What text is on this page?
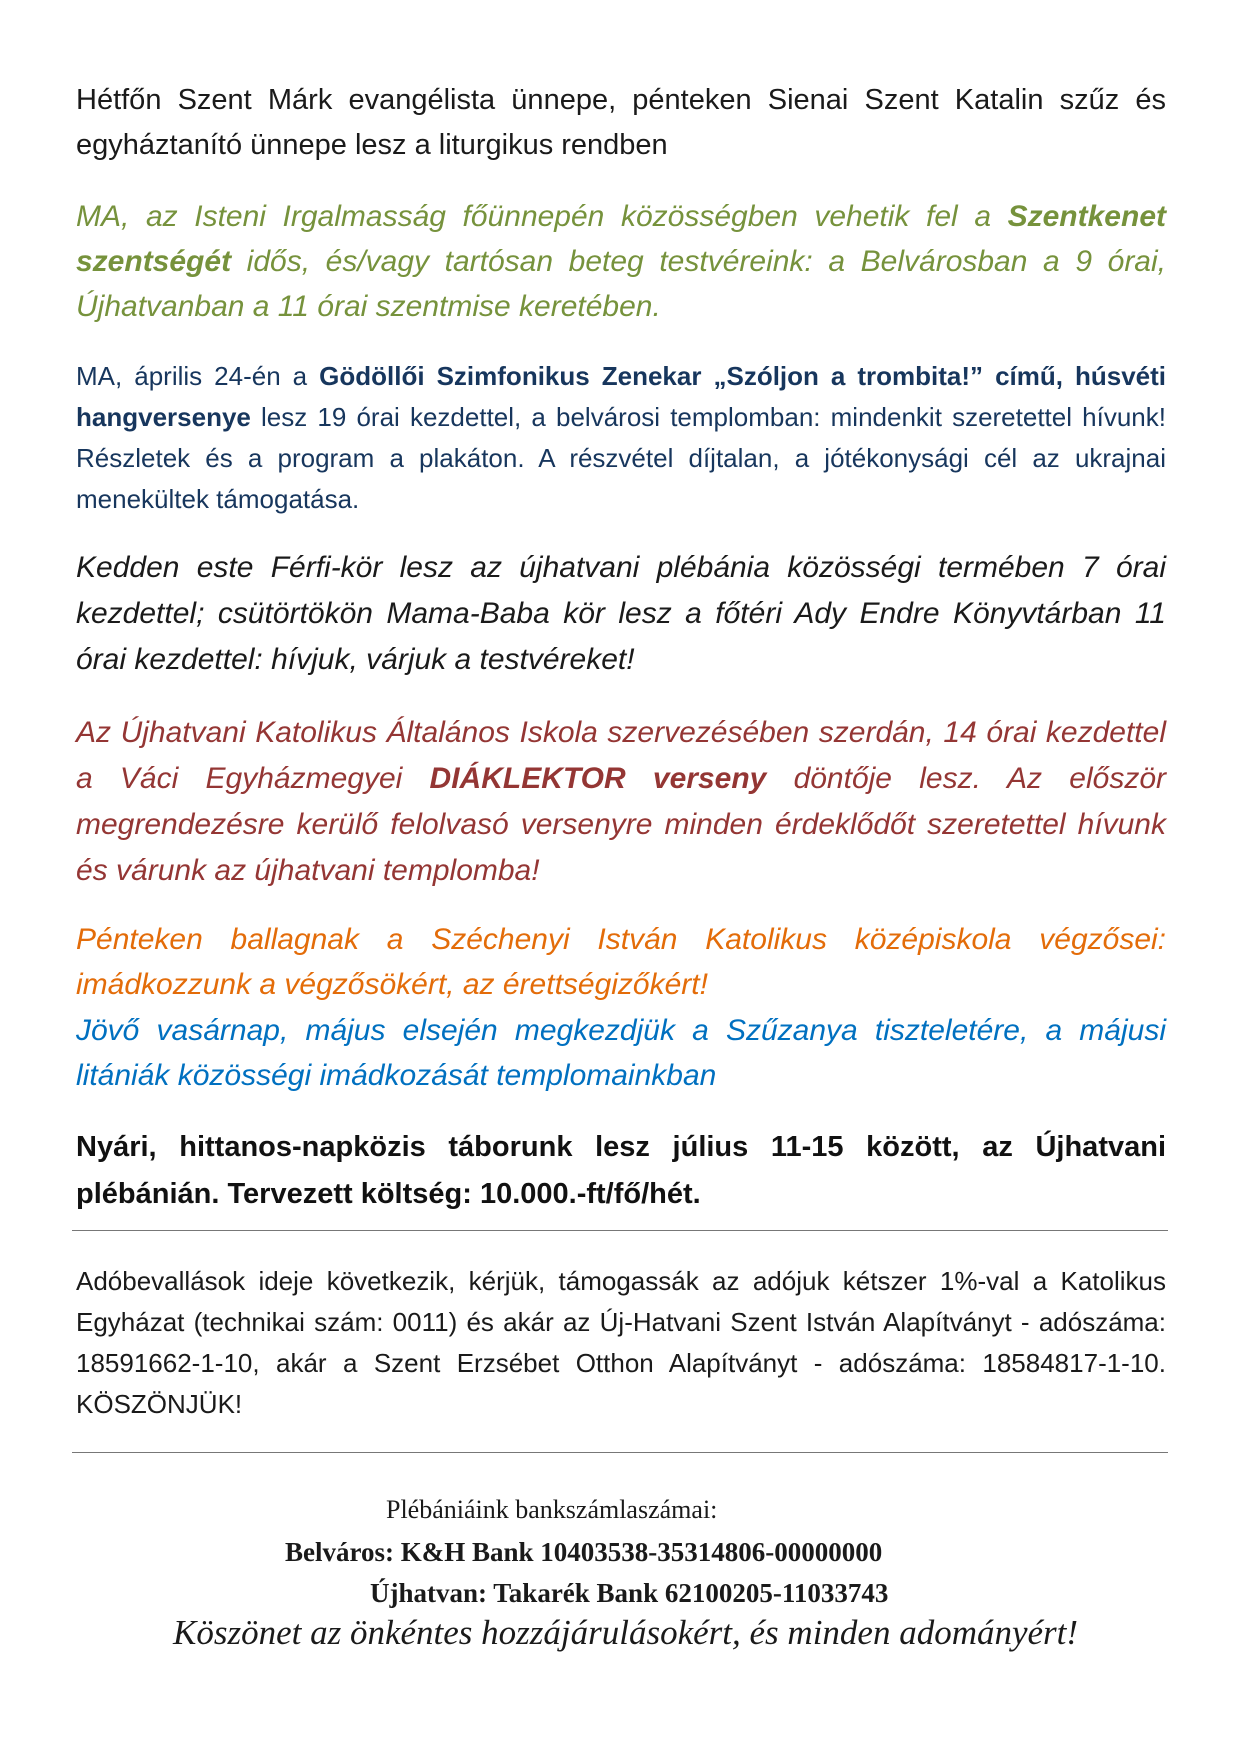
Hétfőn Szent Márk evangélista ünnepe, pénteken Sienai Szent Katalin szűz és egyháztanító ünnepe lesz a liturgikus rendben

MA, az Isteni Irgalmasság főünnepén közösségben vehetik fel a Szentkenet szentségét idős, és/vagy tartósan beteg testvéreink: a Belvárosban a 9 órai, Újhatvanban a 11 órai szentmise keretében.

MA, április 24-én a Gödöllői Szimfonikus Zenekar „Szóljon a trombita!” című, húsvéti hangversenye lesz 19 órai kezdettel, a belvárosi templomban: mindenkit szeretettel hívunk! Részletek és a program a plakáton. A részvétel díjtalan, a jótékonysági cél az ukrajnai menekültek támogatása.

Kedden este Férfi-kör lesz az újhatvani plébánia közösségi termében 7 órai kezdettel; csütörtökön Mama-Baba kör lesz a főtéri Ady Endre Könyvtárban 11 órai kezdettel: hívjuk, várjuk a testvéreket!

Az Újhatvani Katolikus Általános Iskola szervezésében szerdán, 14 órai kezdettel a Váci Egyházmegyei DIÁKLEKTOR verseny döntője lesz. Az először megrendezésre kerülő felolvasó versenyre minden érdeklődőt szeretettel hívunk és várunk az újhatvani templomba!

Pénteken ballagnak a Széchenyi István Katolikus középiskola végzősei: imádkozzunk a végzősökért, az érettségizőkért!

Jövő vasárnap, május elsején megkezdjük a Szűzanya tiszteletére, a májusi litániák közösségi imádkozását templomainkban

Nyári, hittanos-napközis táborunk lesz július 11-15 között, az Újhatvani plébánián. Tervezett költség: 10.000.-ft/fő/hét.

Adóbevallások ideje következik, kérjük, támogassák az adójuk kétszer 1%-val a Katolikus Egyházat (technikai szám: 0011) és akár az Új-Hatvani Szent István Alapítványt - adószáma: 18591662-1-10, akár a Szent Erzsébet Otthon Alapítványt - adószáma: 18584817-1-10. KÖSZÖNJÜK!

Plébániáink bankszámlaszámai:

Belváros: K&H Bank 10403538-35314806-00000000

Újhatvan: Takarék Bank 62100205-11033743

Köszönet az önkéntes hozzájárulásokért, és minden adományért!
